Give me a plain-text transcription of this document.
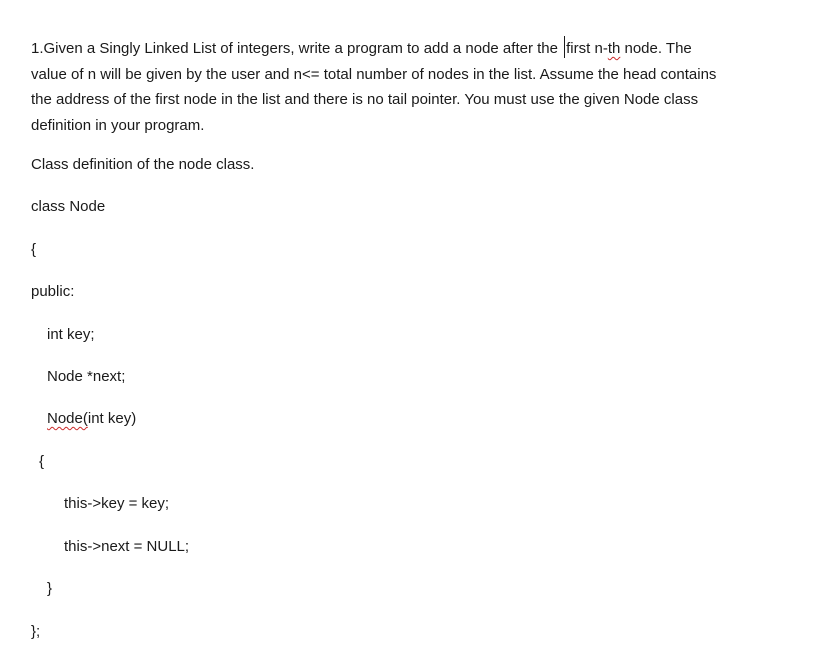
1.Given a Singly Linked List of integers, write a program to add a node after the first n-th node. The
value of n will be given by the user and n<= total number of nodes in the list. Assume the head contains
the address of the first node in the list and there is no tail pointer. You must use the given Node class
definition in your program.
Class definition of the node class.
class Node
{
public:
int key;
Node *next;
Node(int key)
{
this->key = key;
this->next = NULL;
}
};
